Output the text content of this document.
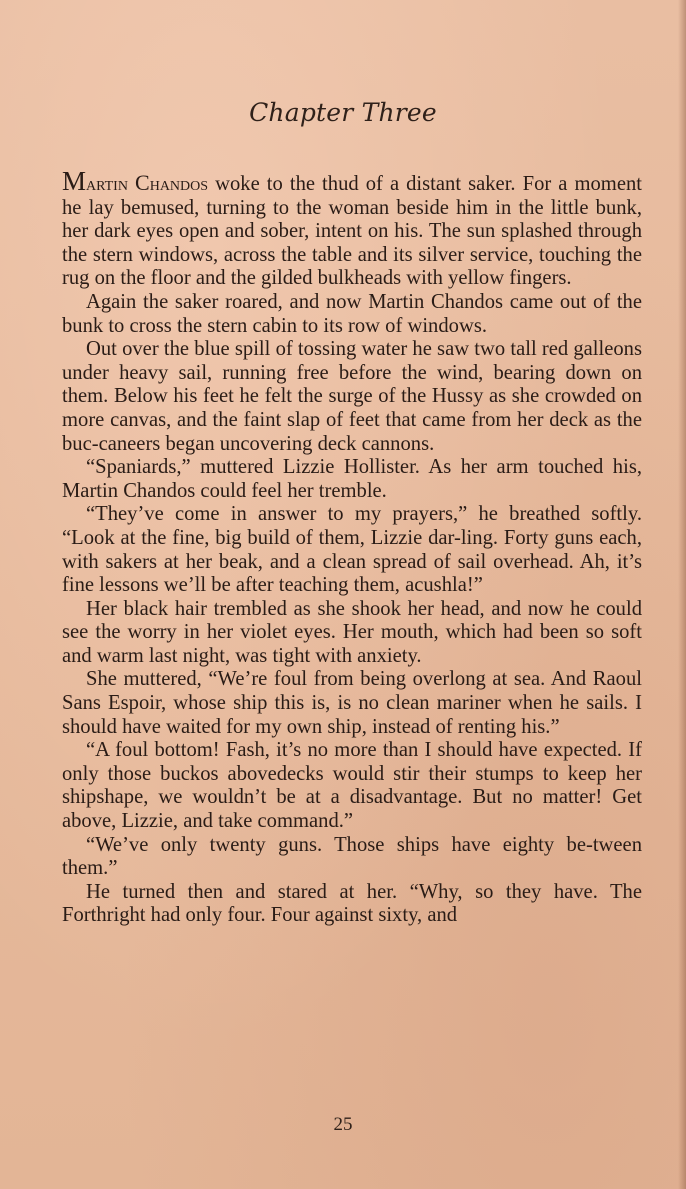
Chapter Three

Martin Chandos woke to the thud of a distant saker. For a moment he lay bemused, turning to the woman beside him in the little bunk, her dark eyes open and sober, intent on his. The sun splashed through the stern windows, across the table and its silver service, touching the rug on the floor and the gilded bulkheads with yellow fingers.

Again the saker roared, and now Martin Chandos came out of the bunk to cross the stern cabin to its row of windows.

Out over the blue spill of tossing water he saw two tall red galleons under heavy sail, running free before the wind, bearing down on them. Below his feet he felt the surge of the Hussy as she crowded on more canvas, and the faint slap of feet that came from her deck as the buc-caneers began uncovering deck cannons.

“Spaniards,” muttered Lizzie Hollister. As her arm touched his, Martin Chandos could feel her tremble.

“They’ve come in answer to my prayers,” he breathed softly. “Look at the fine, big build of them, Lizzie dar-ling. Forty guns each, with sakers at her beak, and a clean spread of sail overhead. Ah, it’s fine lessons we’ll be after teaching them, acushla!”

Her black hair trembled as she shook her head, and now he could see the worry in her violet eyes. Her mouth, which had been so soft and warm last night, was tight with anxiety.

She muttered, “We’re foul from being overlong at sea. And Raoul Sans Espoir, whose ship this is, is no clean mariner when he sails. I should have waited for my own ship, instead of renting his.”

“A foul bottom! Fash, it’s no more than I should have expected. If only those buckos abovedecks would stir their stumps to keep her shipshape, we wouldn’t be at a disadvantage. But no matter! Get above, Lizzie, and take command.”

“We’ve only twenty guns. Those ships have eighty be-tween them.”

He turned then and stared at her. “Why, so they have. The Forthright had only four. Four against sixty, and

25
